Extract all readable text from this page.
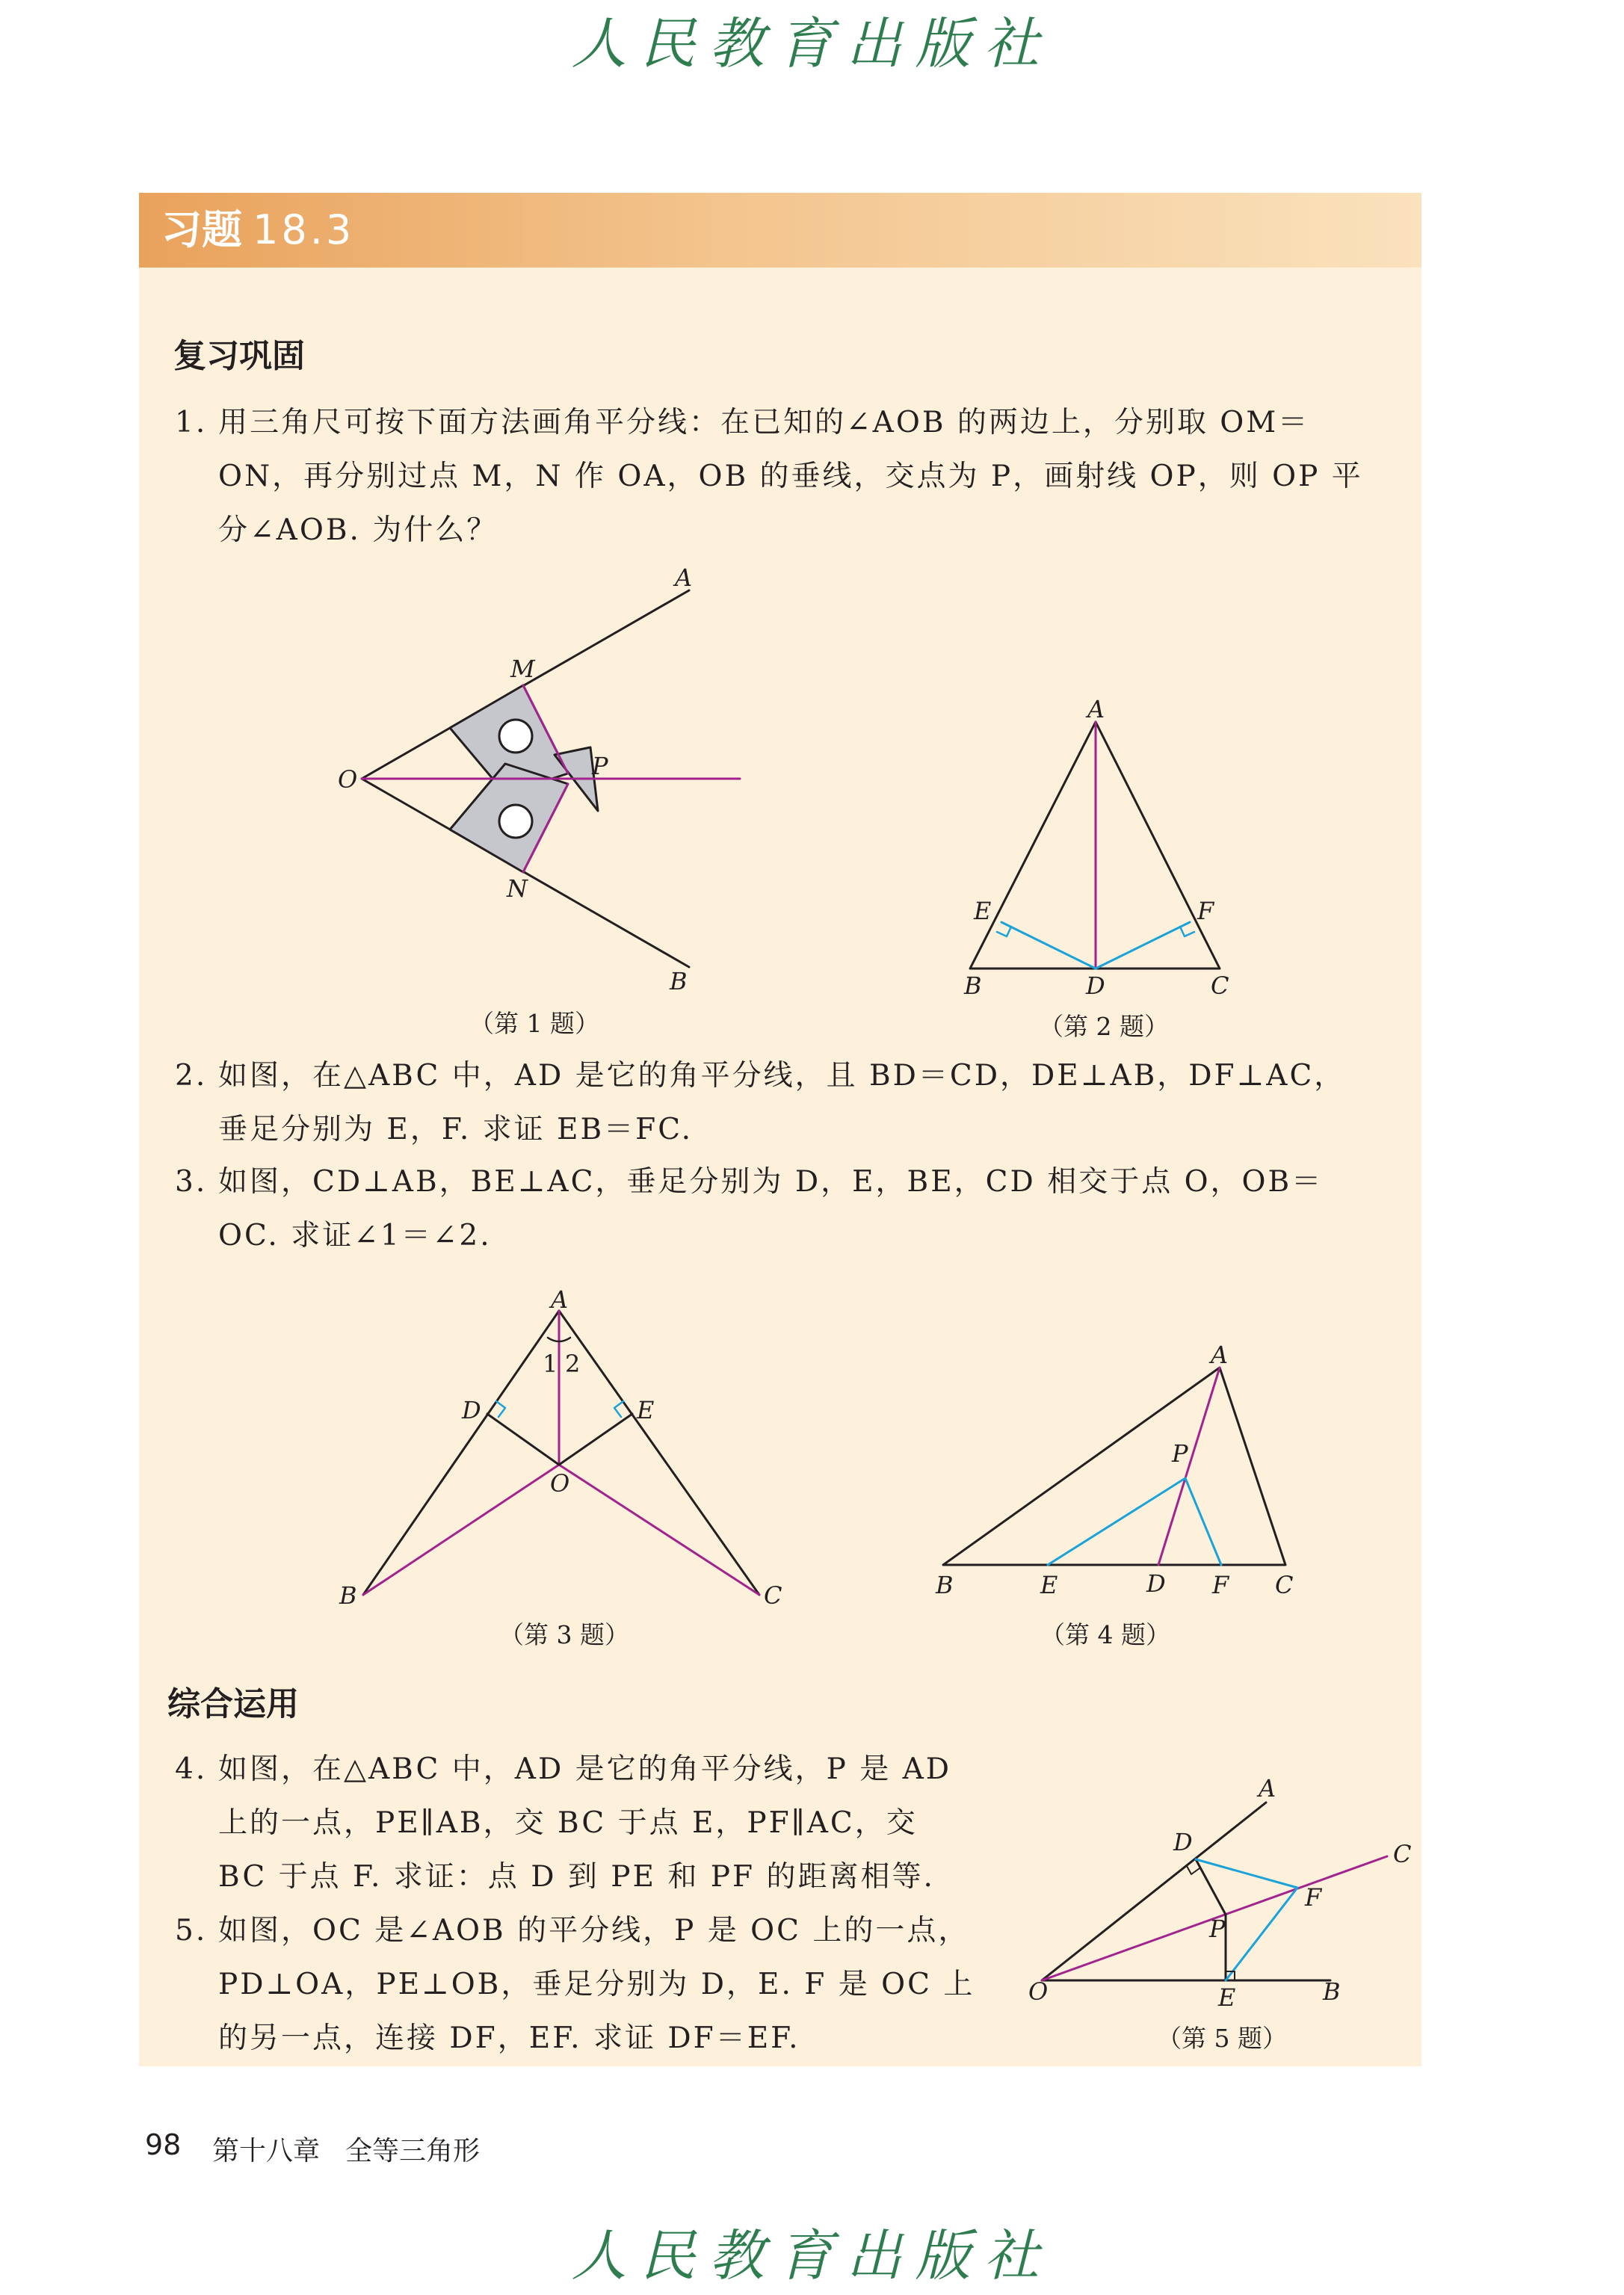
人民教育出版社
习题 18.3
复习巩固
1. 用三角尺可按下面方法画角平分线：在已知的∠AOB 的两边上，分别取 OM＝
ON，再分别过点 M，N 作 OA，OB 的垂线，交点为 P，画射线 OP，则 OP 平
分∠AOB. 为什么？
2. 如图，在△ABC 中，AD 是它的角平分线，且 BD＝CD，DE⊥AB，DF⊥AC，
垂足分别为 E，F. 求证 EB＝FC.
3. 如图，CD⊥AB，BE⊥AC，垂足分别为 D，E，BE，CD 相交于点 O，OB＝
OC. 求证∠1＝∠2.
综合运用
4. 如图，在△ABC 中，AD 是它的角平分线，P 是 AD
上的一点，PE∥AB，交 BC 于点 E，PF∥AC，交
BC 于点 F. 求证：点 D 到 PE 和 PF 的距离相等.
5. 如图，OC 是∠AOB 的平分线，P 是 OC 上的一点，
PD⊥OA，PE⊥OB，垂足分别为 D，E. F 是 OC 上
的另一点，连接 DF，EF. 求证 DF＝EF.
（第 1 题）	（第 2 题）
（第 3 题）	（第 4 题）
（第 5 题）
A
M
O	P
N
B
A
E	F
B	D	C
A
1 2
D	E
O
B	C
A
P
B	E	D F C
A
C
D
F
P
O	E	B
98 第十八章 全等三角形
人民教育出版社
